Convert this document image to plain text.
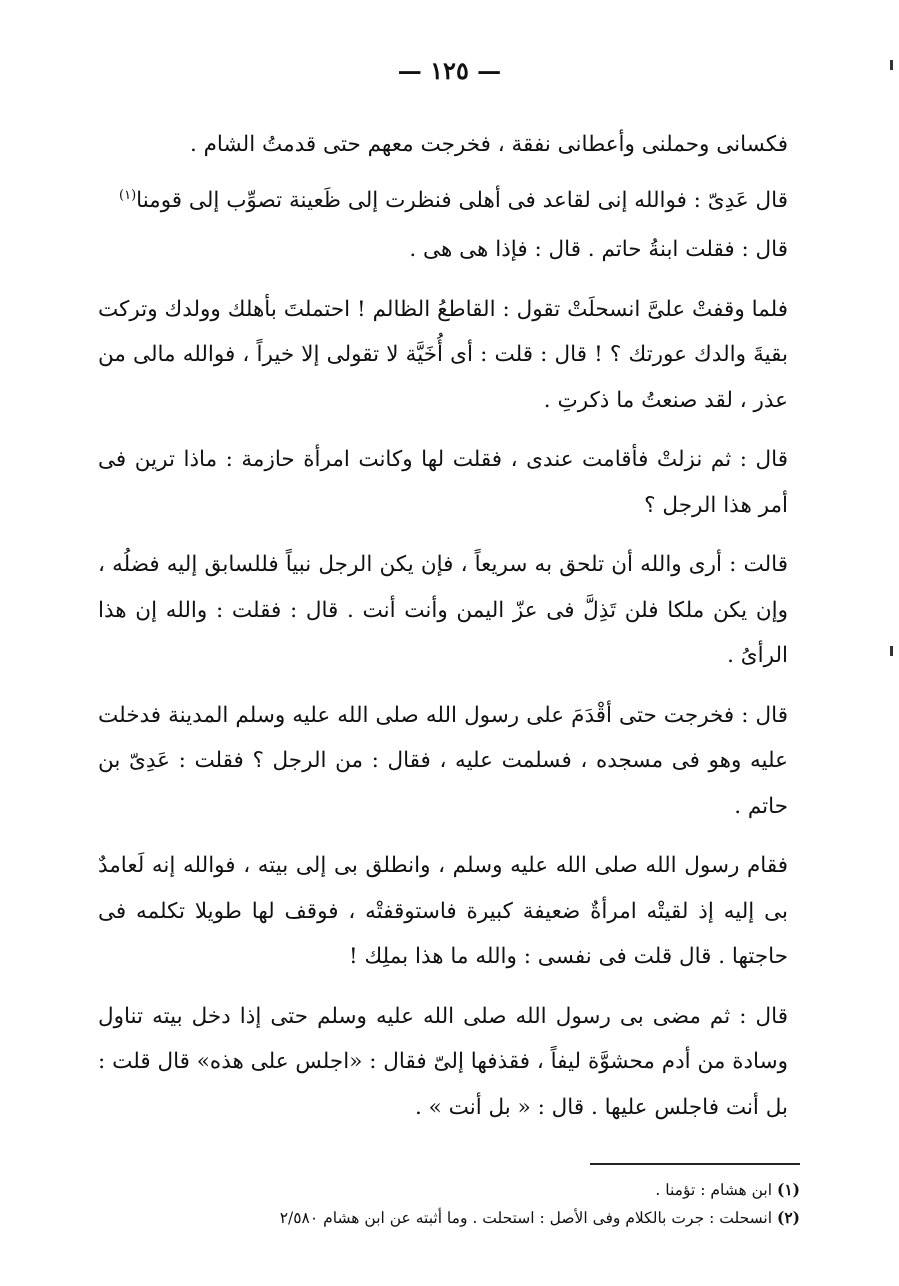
— ١٢٥ —

فكسانى وحملنى وأعطانى نفقة ، فخرجت معهم حتى قدمتُ الشام .

قال عَدِىّ : فوالله إنى لقاعد فى أهلى فنظرت إلى ظَعينة تصوِّب إلى قومنا$^{(١)}$

قال : فقلت ابنةُ حاتم . قال : فإذا هى هى .

فلما وقفتْ علىَّ انسحلَتْ تقول : القاطعُ الظالم ! احتملتَ بأهلك وولدك وتركت بقيةَ والدك عورتك ؟ ! قال : قلت : أى أُخَيَّة لا تقولى إلا خيراً ، فوالله مالى من عذر ، لقد صنعتُ ما ذكرتِ .

قال : ثم نزلتْ فأقامت عندى ، فقلت لها وكانت امرأة حازمة : ماذا ترين فى أمر هذا الرجل ؟

قالت : أرى والله أن تلحق به سريعاً ، فإن يكن الرجل نبياً فللسابق إليه فضلُه ، وإن يكن ملكا فلن تَذِلَّ فى عزّ اليمن وأنت أنت . قال : فقلت : والله إن هذا الرأىُ .

قال : فخرجت حتى أقْدَمَ على رسول الله صلى الله عليه وسلم المدينة فدخلت عليه وهو فى مسجده ، فسلمت عليه ، فقال : من الرجل ؟ فقلت : عَدِىّ بن حاتم .

فقام رسول الله صلى الله عليه وسلم ، وانطلق بى إلى بيته ، فوالله إنه لَعامدٌ بى إليه إذ لقيتْه امرأةٌ ضعيفة كبيرة فاستوقفتْه ، فوقف لها طويلا تكلمه فى حاجتها . قال قلت فى نفسى : والله ما هذا بملِك !

قال : ثم مضى بى رسول الله صلى الله عليه وسلم حتى إذا دخل بيته تناول وسادة من أدم محشوَّة ليفاً ، فقذفها إلىّ فقال : «اجلس على هذه» قال قلت : بل أنت فاجلس عليها . قال : « بل أنت » .

(١) ابن هشام : تؤمنا .

(٢) انسحلت : جرت بالكلام وفى الأصل : استحلت . وما أثبته عن ابن هشام ٢/٥٨٠
